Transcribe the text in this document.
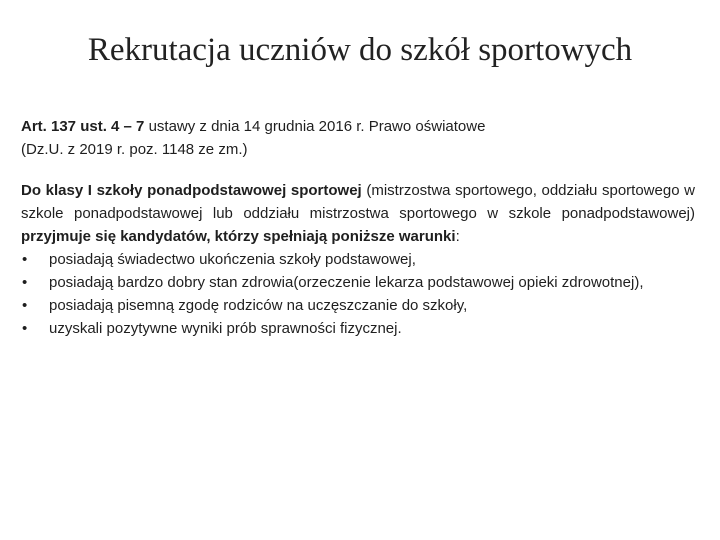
Rekrutacja uczniów do szkół sportowych

Art. 137 ust. 4 – 7 ustawy z dnia 14 grudnia 2016 r. Prawo oświatowe
(Dz.U. z 2019 r. poz. 1148 ze zm.)

Do klasy I szkoły ponadpodstawowej sportowej (mistrzostwa sportowego, oddziału sportowego w szkole ponadpodstawowej lub oddziału mistrzostwa sportowego w szkole ponadpodstawowej) przyjmuje się kandydatów, którzy spełniają poniższe warunki:

• posiadają świadectwo ukończenia szkoły podstawowej,
• posiadają bardzo dobry stan zdrowia(orzeczenie lekarza podstawowej opieki zdrowotnej),
• posiadają pisemną zgodę rodziców na uczęszczanie do szkoły,
• uzyskali pozytywne wyniki prób sprawności fizycznej.
